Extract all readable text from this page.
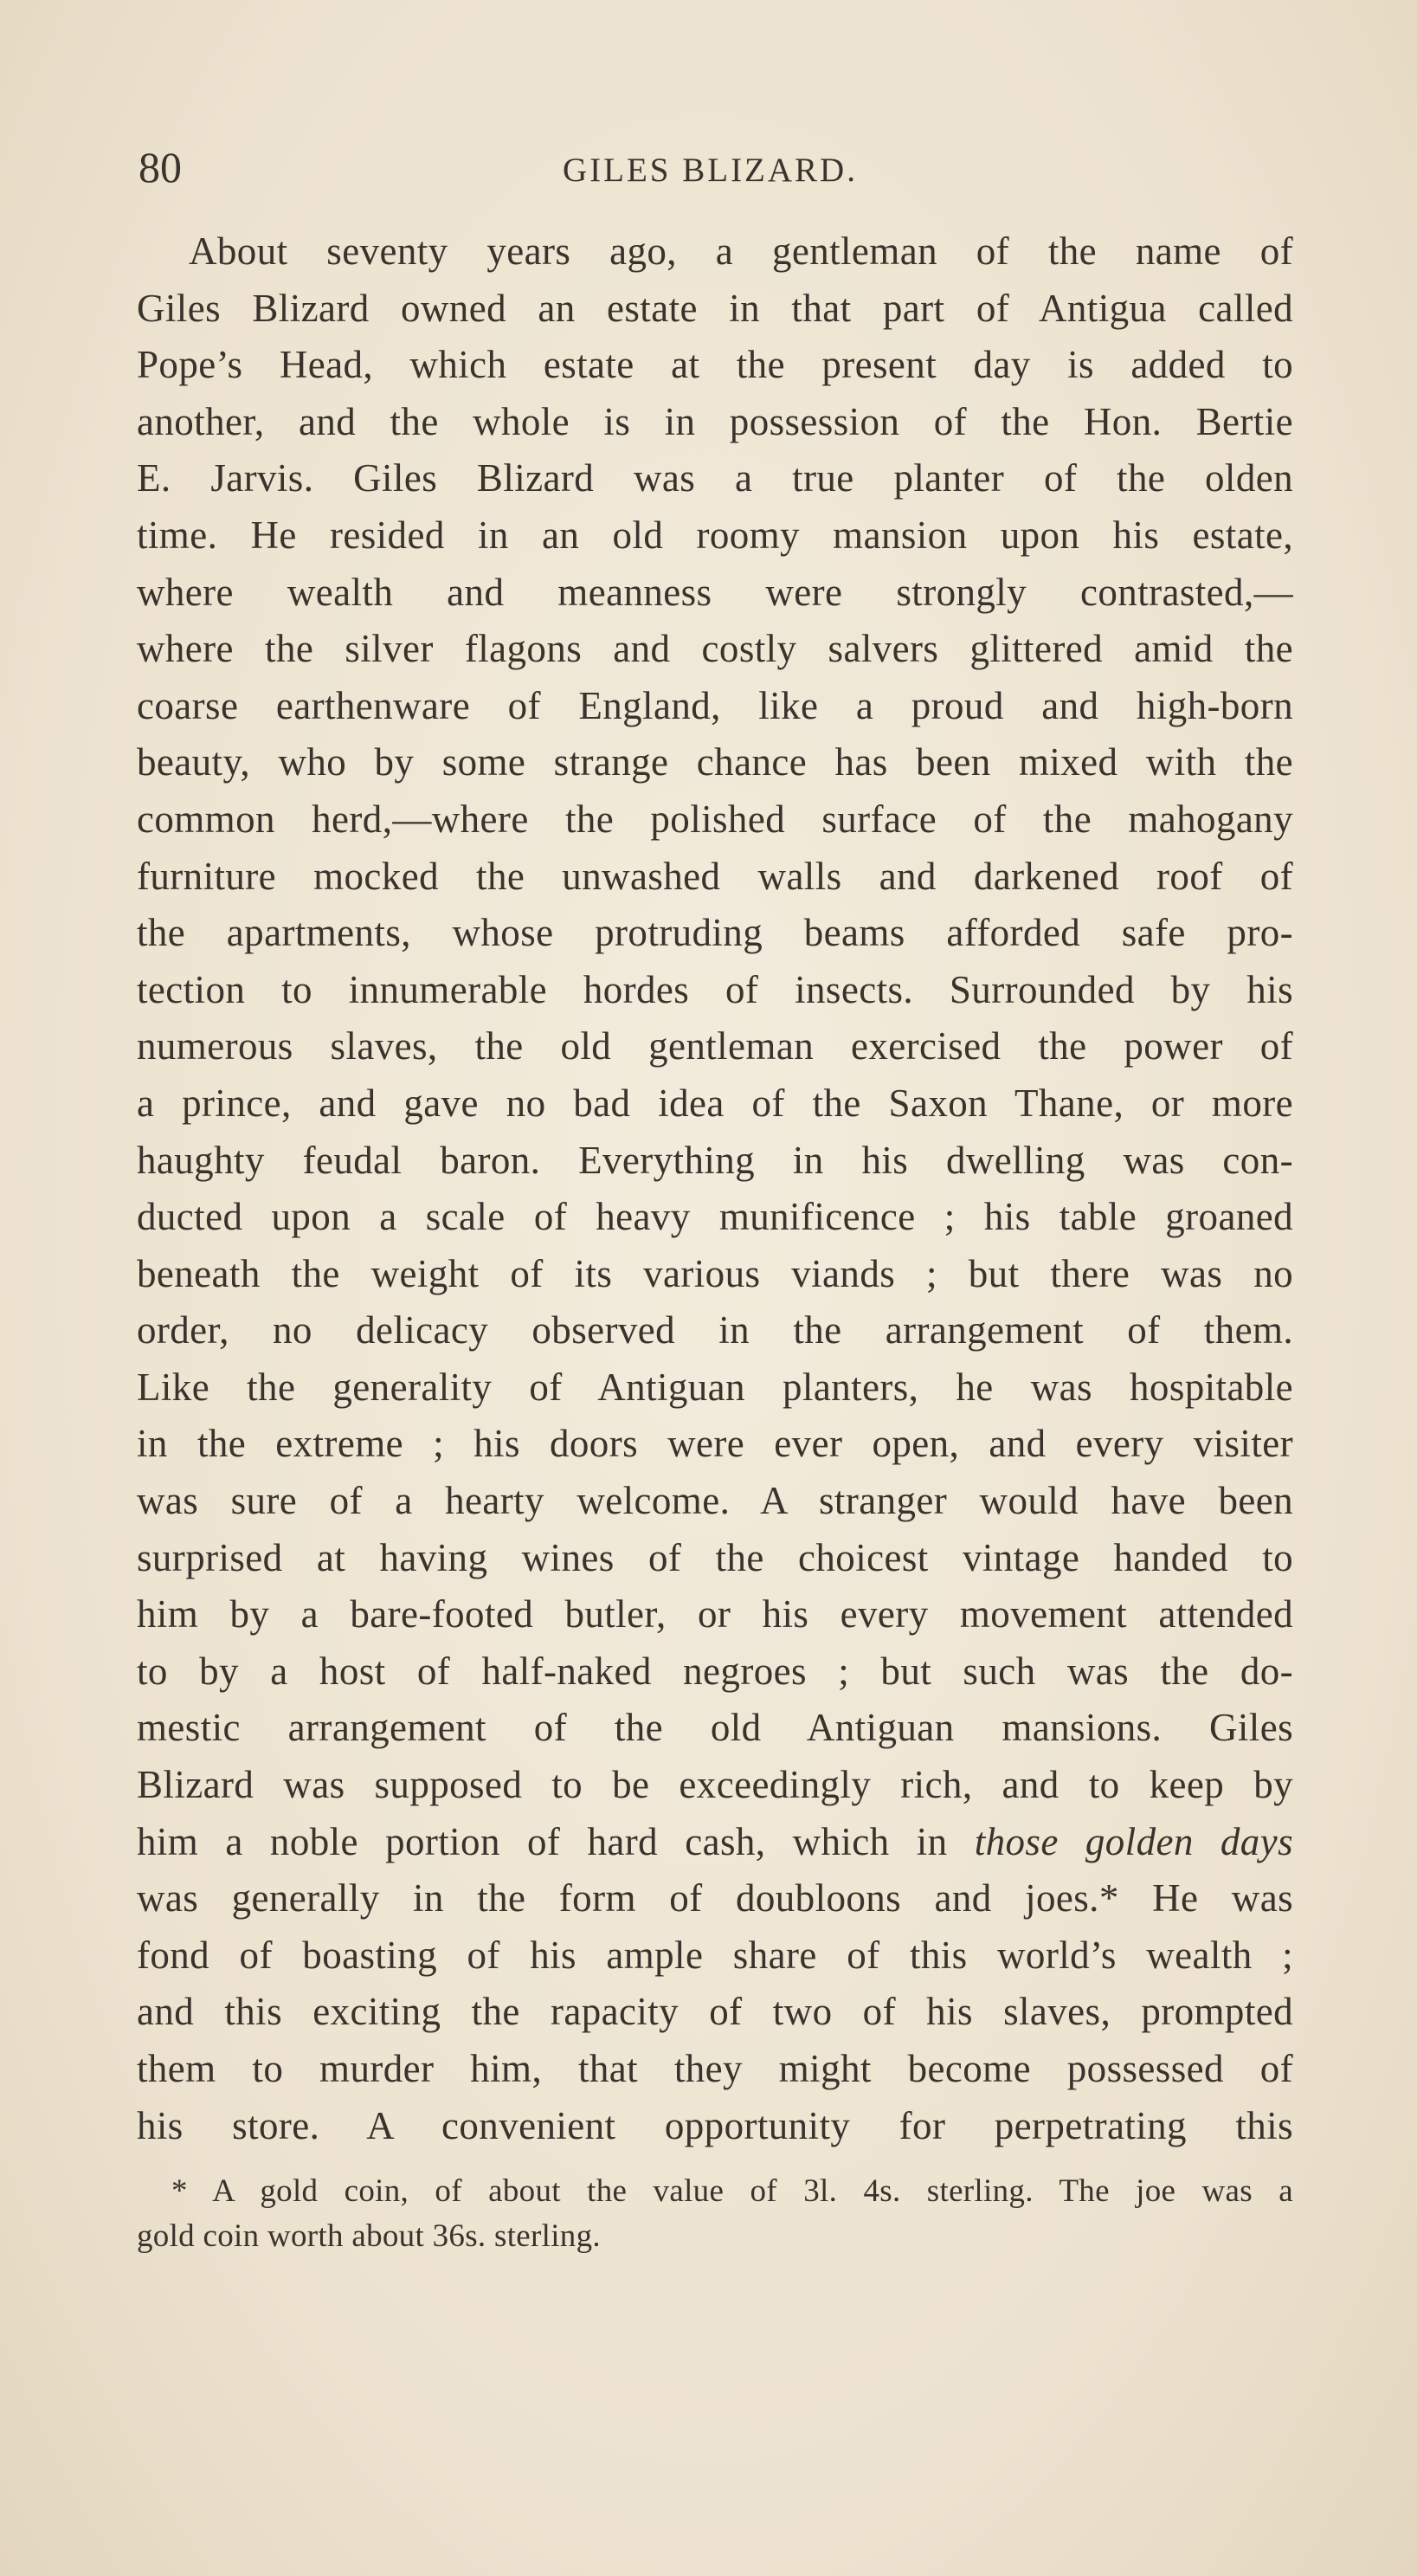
80	GILES BLIZARD.
About seventy years ago, a gentleman of the name of
Giles Blizard owned an estate in that part of Antigua called
Pope’s Head, which estate at the present day is added to
another, and the whole is in possession of the Hon. Bertie
E. Jarvis. Giles Blizard was a true planter of the olden
time. He resided in an old roomy mansion upon his estate,
where wealth and meanness were strongly contrasted,—
where the silver flagons and costly salvers glittered amid the
coarse earthenware of England, like a proud and high-born
beauty, who by some strange chance has been mixed with the
common herd,—where the polished surface of the mahogany
furniture mocked the unwashed walls and darkened roof of
the apartments, whose protruding beams afforded safe pro-
tection to innumerable hordes of insects. Surrounded by his
numerous slaves, the old gentleman exercised the power of
a prince, and gave no bad idea of the Saxon Thane, or more
haughty feudal baron. Everything in his dwelling was con-
ducted upon a scale of heavy munificence ; his table groaned
beneath the weight of its various viands ; but there was no
order, no delicacy observed in the arrangement of them.
Like the generality of Antiguan planters, he was hospitable
in the extreme ; his doors were ever open, and every visiter
was sure of a hearty welcome. A stranger would have been
surprised at having wines of the choicest vintage handed to
him by a bare-footed butler, or his every movement attended
to by a host of half-naked negroes ; but such was the do-
mestic arrangement of the old Antiguan mansions. Giles
Blizard was supposed to be exceedingly rich, and to keep by
him a noble portion of hard cash, which in those golden days
was generally in the form of doubloons and joes.* He was
fond of boasting of his ample share of this world’s wealth ;
and this exciting the rapacity of two of his slaves, prompted
them to murder him, that they might become possessed of
his store. A convenient opportunity for perpetrating this
* A gold coin, of about the value of 3l. 4s. sterling. The joe was a
gold coin worth about 36s. sterling.
